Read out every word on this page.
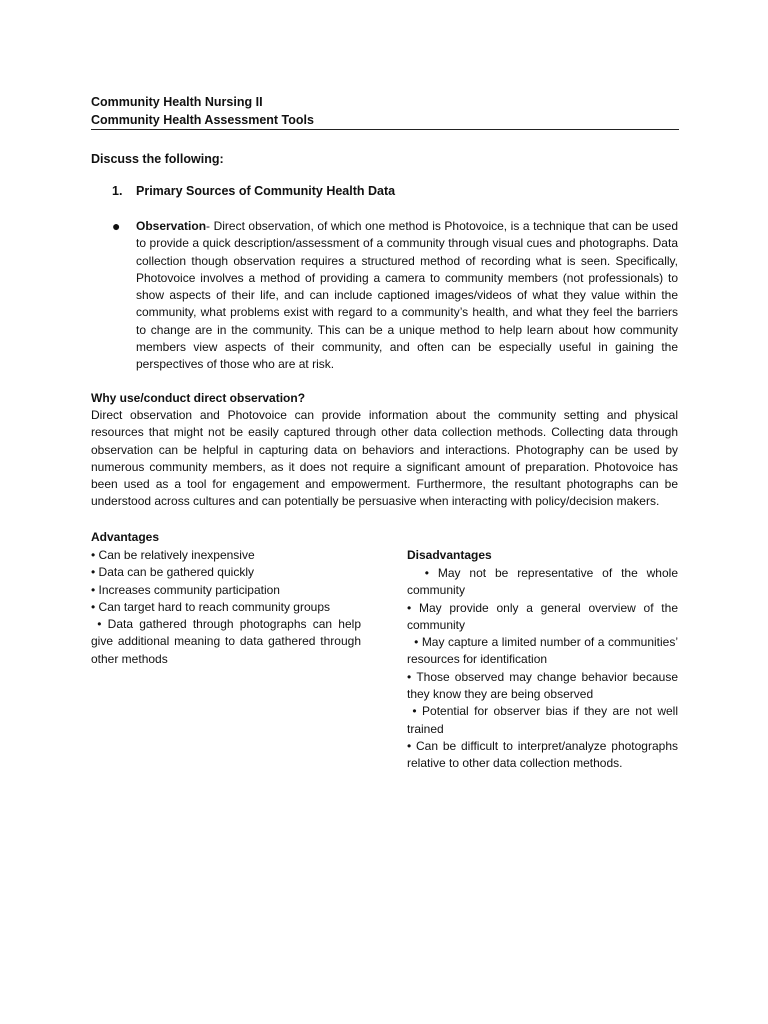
Community Health Nursing II
Community Health Assessment Tools
Discuss the following:
1. Primary Sources of Community Health Data
● Observation- Direct observation, of which one method is Photovoice, is a technique that can be used to provide a quick description/assessment of a community through visual cues and photographs. Data collection though observation requires a structured method of recording what is seen. Specifically, Photovoice involves a method of providing a camera to community members (not professionals) to show aspects of their life, and can include captioned images/videos of what they value within the community, what problems exist with regard to a community’s health, and what they feel the barriers to change are in the community. This can be a unique method to help learn about how community members view aspects of their community, and often can be especially useful in gaining the perspectives of those who are at risk.
Why use/conduct direct observation?
Direct observation and Photovoice can provide information about the community setting and physical resources that might not be easily captured through other data collection methods. Collecting data through observation can be helpful in capturing data on behaviors and interactions. Photography can be used by numerous community members, as it does not require a significant amount of preparation. Photovoice has been used as a tool for engagement and empowerment. Furthermore, the resultant photographs can be understood across cultures and can potentially be persuasive when interacting with policy/decision makers.
Advantages

• Can be relatively inexpensive

• Data can be gathered quickly

• Increases community participation

• Can target hard to reach community groups

• Data gathered through photographs can help give additional meaning to data gathered through other methods

Disadvantages

• May not be representative of the whole community

• May provide only a general overview of the community

• May capture a limited number of a communities’ resources for identification

• Those observed may change behavior because they know they are being observed

• Potential for observer bias if they are not well trained

• Can be difficult to interpret/analyze photographs relative to other data collection methods.
